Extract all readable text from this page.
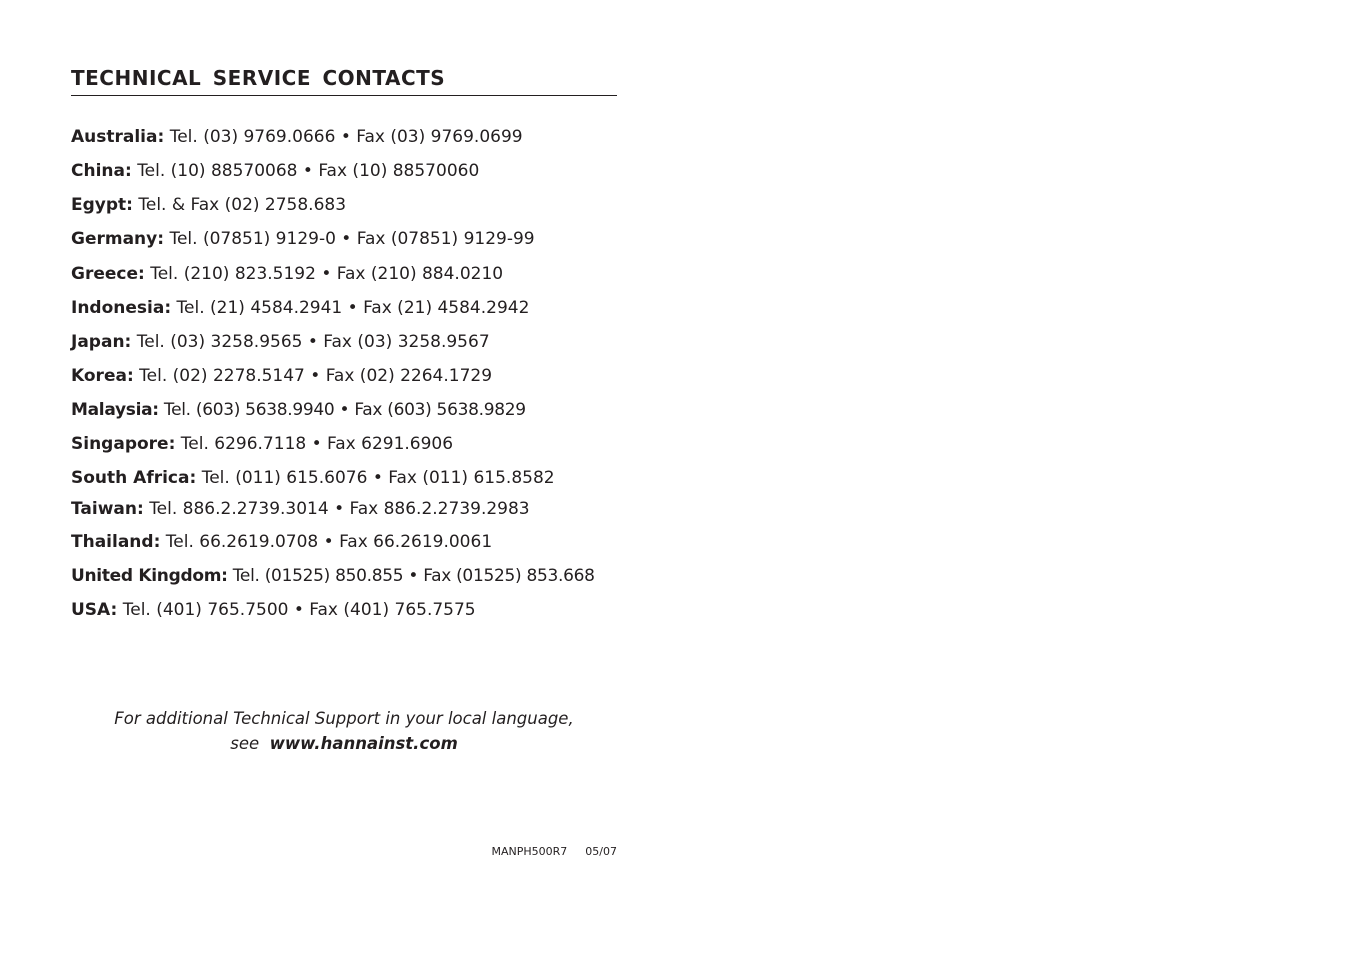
TECHNICAL SERVICE CONTACTS
Australia: Tel. (03) 9769.0666 • Fax (03) 9769.0699
China: Tel. (10) 88570068 • Fax (10) 88570060
Egypt: Tel. & Fax (02) 2758.683
Germany: Tel. (07851) 9129-0 • Fax (07851) 9129-99
Greece: Tel. (210) 823.5192 • Fax (210) 884.0210
Indonesia: Tel. (21) 4584.2941 • Fax (21) 4584.2942
Japan: Tel. (03) 3258.9565 • Fax (03) 3258.9567
Korea: Tel. (02) 2278.5147 • Fax (02) 2264.1729
Malaysia: Tel. (603) 5638.9940 • Fax (603) 5638.9829
Singapore: Tel. 6296.7118 • Fax 6291.6906
South Africa: Tel. (011) 615.6076 • Fax (011) 615.8582
Taiwan: Tel. 886.2.2739.3014 • Fax 886.2.2739.2983
Thailand: Tel. 66.2619.0708 • Fax 66.2619.0061
United Kingdom: Tel. (01525) 850.855 • Fax (01525) 853.668
USA: Tel. (401) 765.7500 • Fax (401) 765.7575
For additional Technical Support in your local language,
see www.hannainst.com
MANPH500R7 05/07
